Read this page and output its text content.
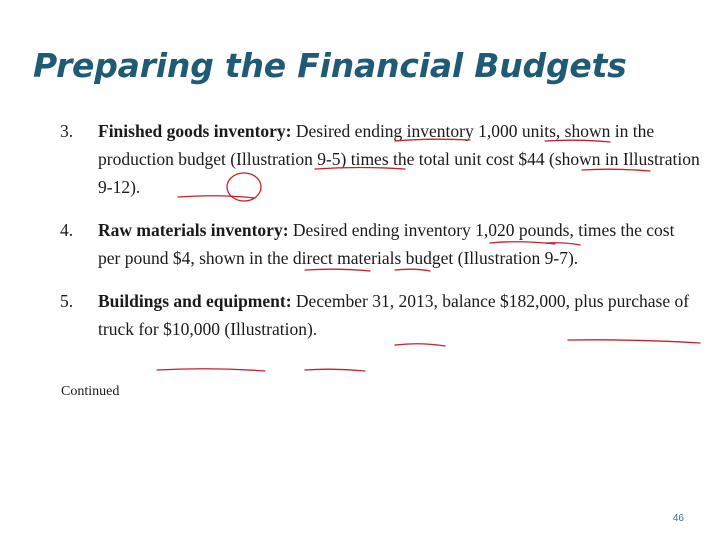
Preparing the Financial Budgets
3. Finished goods inventory: Desired ending inventory 1,000 units, shown in the production budget (Illustration 9-5) times the total unit cost $44 (shown in Illustration 9-12).
4. Raw materials inventory: Desired ending inventory 1,020 pounds, times the cost per pound $4, shown in the direct materials budget (Illustration 9-7).
5. Buildings and equipment: December 31, 2013, balance $182,000, plus purchase of truck for $10,000 (Illustration).
Continued
46
